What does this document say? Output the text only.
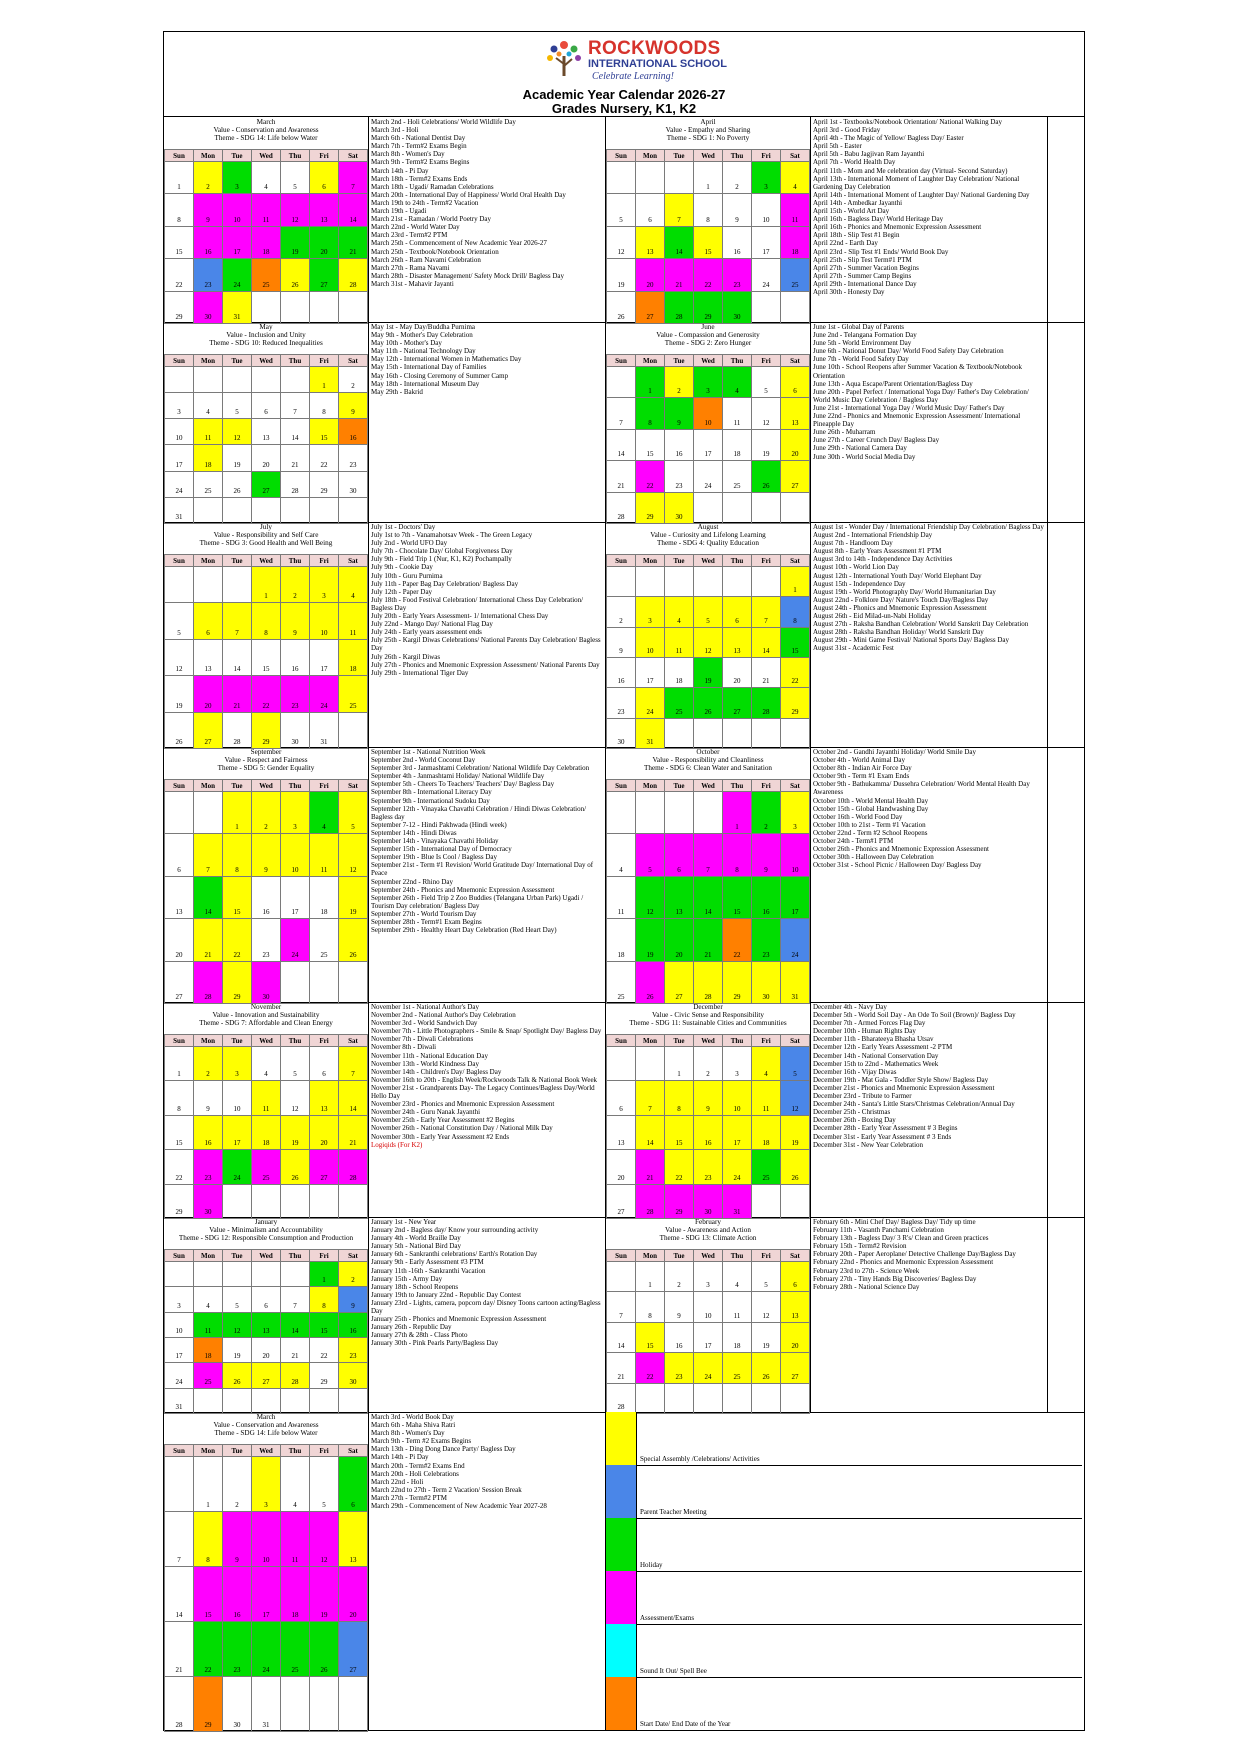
ROCKWOODS
INTERNATIONAL SCHOOL
Celebrate Learning!
Academic Year Calendar 2026-27
Grades Nursery, K1, K2
March
Value - Conservation and Awareness
Theme - SDG 14: Life below Water
Sun	Mon	Tue	Wed	Thu	Fri	Sat
1	2	3	4	5	6	7
8	9	10	11	12	13	14
15	16	17	18	19	20	21
22	23	24	25	26	27	28
29	30	31				
March 2nd - Holi Celebrations/ World Wildlife Day
March 3rd - Holi
March 6th - National Dentist Day
March 7th - Term#2 Exams Begin
March 8th - Women's Day
March 9th - Term#2 Exams Begins
March 14th - Pi Day
March 18th - Term#2 Exams Ends
March 18th - Ugadi/ Ramadan Celebrations
March 20th - International Day of Happiness/ World Oral Health Day
March 19th to 24th - Term#2 Vacation
March 19th - Ugadi
March 21st - Ramadan / World Poetry Day
March 22nd - World Water Day
March 23rd - Term#2 PTM
March 25th - Commencement of New Academic Year 2026-27
March 25th - Textbook/Notebook Orientation
March 26th - Ram Navami Celebration
March 27th - Rama Navami
March 28th - Disaster Management/ Safety Mock Drill/ Bagless Day
March 31st - Mahavir Jayanti
April
Value - Empathy and Sharing
Theme - SDG 1: No Poverty
Sun	Mon	Tue	Wed	Thu	Fri	Sat
			1	2	3	4
5	6	7	8	9	10	11
12	13	14	15	16	17	18
19	20	21	22	23	24	25
26	27	28	29	30		
April 1st - Textbooks/Notebook Orientation/ National Walking Day
April 3rd - Good Friday
April 4th - The Magic of Yellow/ Bagless Day/ Easter
April 5th - Easter
April 5th - Babu Jagjivan Ram Jayanthi
April 7th - World Health Day
April 11th - Mom and Me celebration day (Virtual- Second Saturday)
April 13th - International Moment of Laughter Day Celebration/ National Gardening Day Celebration
April 14th - International Moment of Laughter Day/ National Gardening Day
April 14th - Ambedkar Jayanthi
April 15th - World Art Day
April 16th - Bagless Day/ World Heritage Day
April 16th - Phonics and Mnemonic Expression Assessment
April 18th - Slip Test #1 Begin
April 22nd - Earth Day
April 23rd - Slip Test #1 Ends/ World Book Day
April 25th - Slip Test Term#1 PTM
April 27th - Summer Vacation Begins
April 27th - Summer Camp Begins
April 29th - International Dance Day
April 30th - Honesty Day
May
Value - Inclusion and Unity
Theme - SDG 10: Reduced Inequalities
Sun	Mon	Tue	Wed	Thu	Fri	Sat
					1	2
3	4	5	6	7	8	9
10	11	12	13	14	15	16
17	18	19	20	21	22	23
24	25	26	27	28	29	30
31						
May 1st - May Day/Buddha Purnima
May 9th - Mother's Day Celebration
May 10th - Mother's Day
May 11th - National Technology Day
May 12th - International Women in Mathematics Day
May 15th - International Day of Families
May 16th - Closing Ceremony of Summer Camp
May 18th - International Museum Day
May 29th - Bakrid
June
Value - Compassion and Generosity
Theme - SDG 2: Zero Hunger
Sun	Mon	Tue	Wed	Thu	Fri	Sat
	1	2	3	4	5	6
7	8	9	10	11	12	13
14	15	16	17	18	19	20
21	22	23	24	25	26	27
28	29	30				
June 1st - Global Day of Parents
June 2nd - Telangana Formation Day
June 5th - World Environment Day
June 6th - National Donut Day/ World Food Safety Day Celebration
June 7th - World Food Safety Day
June 10th - School Reopens after Summer Vacation & Textbook/Notebook Orientation
June 13th - Aqua Escape/Parent Orientation/Bagless Day
June 20th - Papel Perfect / International Yoga Day/ Father's Day Celebration/ World Music Day Celebration / Bagless Day
June 21st - International Yoga Day / World Music Day/ Father's Day
June 22nd - Phonics and Mnemonic Expression Assessment/ International Pineapple Day
June 26th - Muharram
June 27th - Career Crunch Day/ Bagless Day
June 29th - National Camera Day
June 30th - World Social Media Day
July
Value - Responsibility and Self Care
Theme - SDG 3: Good Health and Well Being
Sun	Mon	Tue	Wed	Thu	Fri	Sat
			1	2	3	4
5	6	7	8	9	10	11
12	13	14	15	16	17	18
19	20	21	22	23	24	25
26	27	28	29	30	31	
July 1st - Doctors' Day
July 1st to 7th - Vanamahotsav Week - The Green Legacy
July 2nd - World UFO Day
July 7th - Chocolate Day/ Global Forgiveness Day
July 9th - Field Trip 1 (Nur, K1, K2) Pochampally
July 9th - Cookie Day
July 10th - Guru Purnima
July 11th - Paper Bag Day Celebration/ Bagless Day
July 12th - Paper Day
July 18th - Food Festival Celebration/ International Chess Day Celebration/ Bagless Day
July 20th - Early Years Assessment- 1/ International Chess Day
July 22nd - Mango Day/ National Flag Day
July 24th - Early years assessment ends
July 25th - Kargil Diwas Celebrations/ National Parents Day Celebration/ Bagless Day
July 26th - Kargil Diwas
July 27th - Phonics and Mnemonic Expression Assessment/ National Parents Day
July 29th - International Tiger Day
August
Value - Curiosity and Lifelong Learning
Theme - SDG 4: Quality Education
Sun	Mon	Tue	Wed	Thu	Fri	Sat
						1
2	3	4	5	6	7	8
9	10	11	12	13	14	15
16	17	18	19	20	21	22
23	24	25	26	27	28	29
30	31					
August 1st - Wonder Day / International Friendship Day Celebration/ Bagless Day
August 2nd - International Friendship Day
August 7th - Handloom Day
August 8th - Early Years Assessment #1 PTM
August 3rd to 14th - Independence Day Activities
August 10th - World Lion Day
August 12th - International Youth Day/ World Elephant Day
August 15th - Independence Day
August 19th - World Photography Day/ World Humanitarian Day
August 22nd - Folklore Day/ Nature's Touch Day/Bagless Day
August 24th - Phonics and Mnemonic Expression Assessment
August 26th - Eid Milad-un-Nabi Holiday
August 27th - Raksha Bandhan Celebration/ World Sanskrit Day Celebration
August 28th - Raksha Bandhan Holiday/ World Sanskrit Day
August 29th - Mini Game Festival/ National Sports Day/ Bagless Day
August 31st - Academic Fest
September
Value - Respect and Fairness
Theme - SDG 5: Gender Equality
Sun	Mon	Tue	Wed	Thu	Fri	Sat
		1	2	3	4	5
6	7	8	9	10	11	12
13	14	15	16	17	18	19
20	21	22	23	24	25	26
27	28	29	30			
September 1st - National Nutrition Week
September 2nd - World Coconut Day
September 3rd - Janmashtami Celebration/ National Wildlife Day Celebration
September 4th - Janmashtami Holiday/ National Wildlife Day
September 5th - Cheers To Teachers/ Teachers' Day/ Bagless Day
September 8th - International Literacy Day
September 9th - International Sudoku Day
September 12th - Vinayaka Chavathi Celebration / Hindi Diwas Celebration/ Bagless day
September 7-12 - Hindi Pakhwada (Hindi week)
September 14th - Hindi Diwas
September 14th - Vinayaka Chavathi Holiday
September 15th - International Day of Democracy
September 19th - Blue Is Cool / Bagless Day
September 21st - Term #1 Revision/ World Gratitude Day/ International Day of Peace
September 22nd - Rhino Day
September 24th - Phonics and Mnemonic Expression Assessment
September 26th - Field Trip 2 Zoo Buddies (Telangana Urban Park) Ugadi / Tourism Day celebration/ Bagless Day
September 27th - World Tourism Day
September 28th - Term#1 Exam Begins
September 29th - Healthy Heart Day Celebration (Red Heart Day)
October
Value - Responsibility and Cleanliness
Theme - SDG 6: Clean Water and Sanitation
Sun	Mon	Tue	Wed	Thu	Fri	Sat
				1	2	3
4	5	6	7	8	9	10
11	12	13	14	15	16	17
18	19	20	21	22	23	24
25	26	27	28	29	30	31
October 2nd - Gandhi Jayanthi Holiday/ World Smile Day
October 4th - World Animal Day
October 8th - Indian Air Force Day
October 9th - Term #1 Exam Ends
October 9th - Bathukamma/ Dussehra Celebration/ World Mental Health Day Awareness
October 10th - World Mental Health Day
October 15th - Global Handwashing Day
October 16th - World Food Day
October 10th to 21st - Term #1 Vacation
October 22nd - Term #2 School Reopens
October 24th - Term#1 PTM
October 26th - Phonics and Mnemonic Expression Assessment
October 30th - Halloween Day Celebration
October 31st - School Picnic / Halloween Day/ Bagless Day
November
Value - Innovation and Sustainability
Theme - SDG 7: Affordable and Clean Energy
Sun	Mon	Tue	Wed	Thu	Fri	Sat
1	2	3	4	5	6	7
8	9	10	11	12	13	14
15	16	17	18	19	20	21
22	23	24	25	26	27	28
29	30					
November 1st - National Author's Day
November 2nd - National Author's Day Celebration
November 3rd - World Sandwich Day
November 7th - Little Photographers - Smile & Snap/ Spotlight Day/ Bagless Day
November 7th - Diwali Celebrations
November 8th - Diwali
November 11th - National Education Day
November 13th - World Kindness Day
November 14th - Children's Day/ Bagless Day
November 16th to 20th - English Week/Rockwoods Talk & National Book Week
November 21st - Grandparents Day- The Legacy Continues/Bagless Day/World Hello Day
November 23rd - Phonics and Mnemonic Expression Assessment
November 24th - Guru Nanak Jayanthi
November 25th - Early Year Assessment #2 Begins
November 26th - National Constitution Day / National Milk Day
November 30th - Early Year Assessment #2 Ends
Logiqids (For K2)
December
Value - Civic Sense and Responsibility
Theme - SDG 11: Sustainable Cities and Communities
Sun	Mon	Tue	Wed	Thu	Fri	Sat
		1	2	3	4	5
6	7	8	9	10	11	12
13	14	15	16	17	18	19
20	21	22	23	24	25	26
27	28	29	30	31		
December 4th - Navy Day
December 5th - World Soil Day - An Ode To Soil (Brown)/ Bagless Day
December 7th - Armed Forces Flag Day
December 10th - Human Rights Day
December 11th - Bharateeya Bhasha Utsav
December 12th - Early Years Assessment -2 PTM
December 14th - National Conservation Day
December 15th to 22nd - Mathematics Week
December 16th - Vijay Diwas
December 19th - Mat Gala - Toddler Style Show/ Bagless Day
December 21st - Phonics and Mnemonic Expression Assessment
December 23rd - Tribute to Farmer
December 24th - Santa's Little Stars/Christmas Celebration/Annual Day
December 25th - Christmas
December 26th - Boxing Day
December 28th - Early Year Assessment # 3 Begins
December 31st - Early Year Assessment # 3 Ends
December 31st - New Year Celebration
January
Value - Minimalism and Accountability
Theme - SDG 12: Responsible Consumption and Production
Sun	Mon	Tue	Wed	Thu	Fri	Sat
					1	2
3	4	5	6	7	8	9
10	11	12	13	14	15	16
17	18	19	20	21	22	23
24	25	26	27	28	29	30
31						
January 1st - New Year
January 2nd - Bagless day/ Know your surrounding activity
January 4th - World Braille Day
January 5th - National Bird Day
January 6th - Sankranthi celebrations/ Earth's Rotation Day
January 9th - Early Assessment #3 PTM
January 11th -16th - Sankranthi Vacation
January 15th - Army Day
January 18th - School Reopens
January 19th to January 22nd - Republic Day Contest
January 23rd - Lights, camera, popcorn day/ Disney Toons cartoon acting/Bagless Day
January 25th - Phonics and Mnemonic Expression Assessment
January 26th - Republic Day
January 27th & 28th - Class Photo
January 30th - Pink Pearls Party/Bagless Day
February
Value - Awareness and Action
Theme - SDG 13: Climate Action
Sun	Mon	Tue	Wed	Thu	Fri	Sat
	1	2	3	4	5	6
7	8	9	10	11	12	13
14	15	16	17	18	19	20
21	22	23	24	25	26	27
28						
February 6th - Mini Chef Day/ Bagless Day/ Tidy up time
February 11th - Vasanth Panchami Celebration
February 13th - Bagless Day/ 3 R's/ Clean and Green practices
February 15th - Term#2 Revision
February 20th - Paper Aeroplane/ Detective Challenge Day/Bagless Day
February 22nd - Phonics and Mnemonic Expression Assessment
February 23rd to 27th - Science Week
February 27th - Tiny Hands Big Discoveries/ Bagless Day
February 28th - National Science Day
March
Value - Conservation and Awareness
Theme - SDG 14: Life below Water
Sun	Mon	Tue	Wed	Thu	Fri	Sat
	1	2	3	4	5	6
7	8	9	10	11	12	13
14	15	16	17	18	19	20
21	22	23	24	25	26	27
28	29	30	31			
March 3rd - World Book Day
March 6th - Maha Shiva Ratri
March 8th - Women's Day
March 9th - Term #2 Exams Begins
March 13th - Ding Dong Dance Party/ Bagless Day
March 14th - Pi Day
March 20th - Term#2 Exams End
March 20th - Holi Celebrations
March 22nd - Holi
March 22nd to 27th - Term 2 Vacation/ Session Break
March 27th - Term#2 PTM
March 29th - Commencement of New Academic Year 2027-28
Special Assembly /Celebrations/ Activities
Parent Teacher Meeting
Holiday
Assessment/Exams
Sound It Out/ Spell Bee
Start Date/ End Date of the Year
